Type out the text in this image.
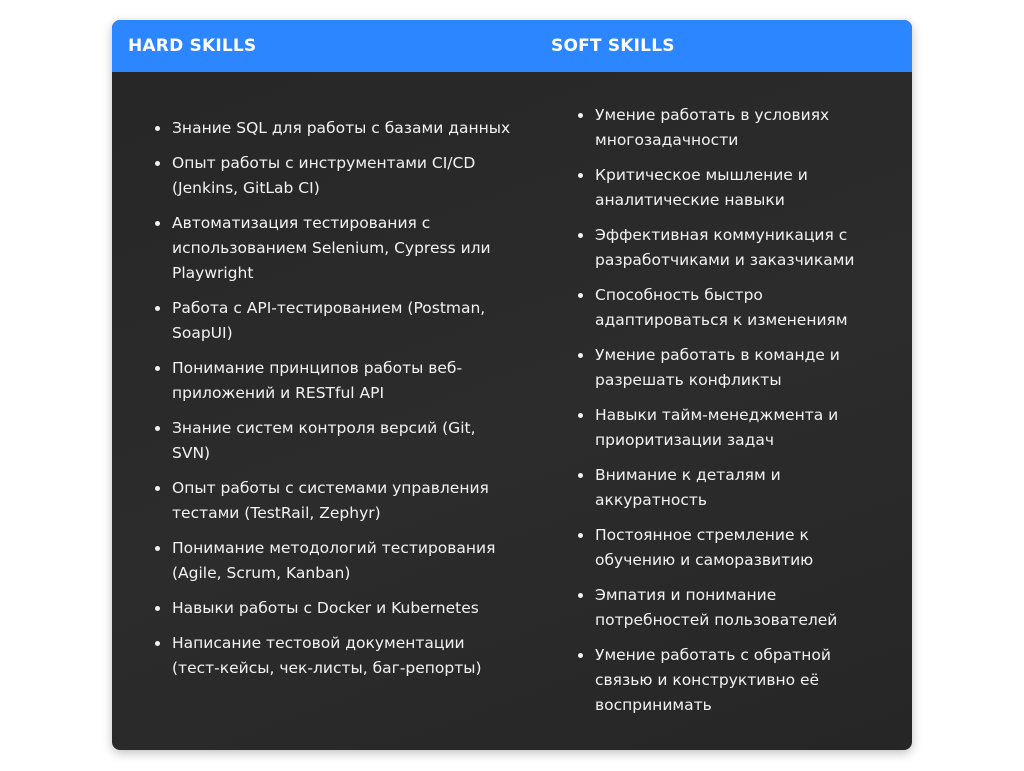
HARD SKILLS	SOFT SKILLS
Знание SQL для работы с базами данных
Опыт работы с инструментами CI/CD (Jenkins, GitLab CI)
Автоматизация тестирования с использованием Selenium, Cypress или Playwright
Работа с API-тестированием (Postman, SoapUI)
Понимание принципов работы веб-приложений и RESTful API
Знание систем контроля версий (Git, SVN)
Опыт работы с системами управления тестами (TestRail, Zephyr)
Понимание методологий тестирования (Agile, Scrum, Kanban)
Навыки работы с Docker и Kubernetes
Написание тестовой документации (тест-кейсы, чек-листы, баг-репорты)
Умение работать в условиях многозадачности
Критическое мышление и аналитические навыки
Эффективная коммуникация с разработчиками и заказчиками
Способность быстро адаптироваться к изменениям
Умение работать в команде и разрешать конфликты
Навыки тайм-менеджмента и приоритизации задач
Внимание к деталям и аккуратность
Постоянное стремление к обучению и саморазвитию
Эмпатия и понимание потребностей пользователей
Умение работать с обратной связью и конструктивно её воспринимать
